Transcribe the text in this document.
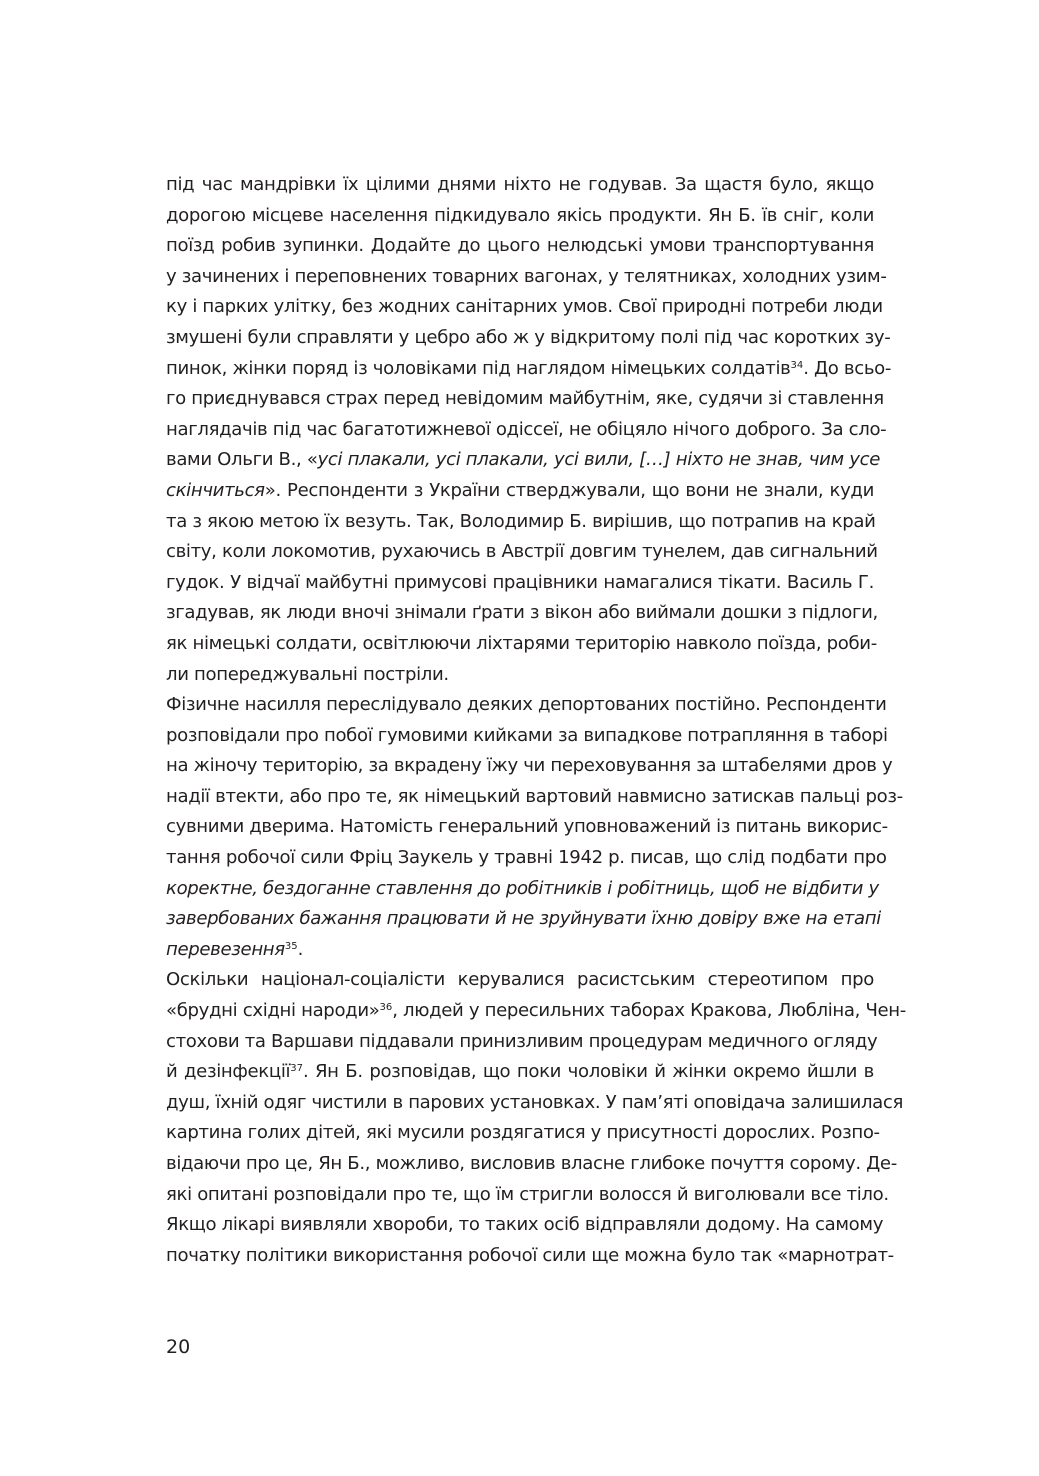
під час мандрівки їх цілими днями ніхто не годував. За щастя було, якщо
дорогою місцеве населення підкидувало якісь продукти. Ян Б. їв сніг, коли
поїзд робив зупинки. Додайте до цього нелюдські умови транспортування
у зачинених і переповнених товарних вагонах, у телятниках, холодних узим-
ку і парких улітку, без жодних санітарних умов. Свої природні потреби люди
змушені були справляти у цебро або ж у відкритому полі під час коротких зу-
пинок, жінки поряд із чоловіками під наглядом німецьких солдатів$^{34}$. До всьо-
го приєднувався страх перед невідомим майбутнім, яке, судячи зі ставлення
наглядачів під час багатотижневої одіссеї, не обіцяло нічого доброго. За сло-
вами Ольги В., «усі плакали, усі плакали, усі вили, […] ніхто не знав, чим усе
скінчиться». Респонденти з України стверджували, що вони не знали, куди
та з якою метою їх везуть. Так, Володимир Б. вирішив, що потрапив на край
світу, коли локомотив, рухаючись в Австрії довгим тунелем, дав сигнальний
гудок. У відчаї майбутні примусові працівники намагалися тікати. Василь Г.
згадував, як люди вночі знімали ґрати з вікон або виймали дошки з підлоги,
як німецькі солдати, освітлюючи ліхтарями територію навколо поїзда, роби-
ли попереджувальні постріли.
Фізичне насилля переслідувало деяких депортованих постійно. Респонденти
розповідали про побої гумовими кийками за випадкове потрапляння в таборі
на жіночу територію, за вкрадену їжу чи переховування за штабелями дров у
надії втекти, або про те, як німецький вартовий навмисно затискав пальці роз-
сувними дверима. Натомість генеральний уповноважений із питань викорис-
тання робочої сили Фріц Заукель у травні 1942 р. писав, що слід подбати про
коректне, бездоганне ставлення до робітників і робітниць, щоб не відбити у
завербованих бажання працювати й не зруйнувати їхню довіру вже на етапі
перевезення$^{35}$.
Оскільки націонал-соціалісти керувалися расистським стереотипом про
«брудні східні народи»$^{36}$, людей у пересильних таборах Кракова, Любліна, Чен-
стохови та Варшави піддавали принизливим процедурам медичного огляду
й дезінфекції$^{37}$. Ян Б. розповідав, що поки чоловіки й жінки окремо йшли в
душ, їхній одяг чистили в парових установках. У пам’яті оповідача залишилася
картина голих дітей, які мусили роздягатися у присутності дорослих. Розпо-
відаючи про це, Ян Б., можливо, висловив власне глибоке почуття сорому. Де-
які опитані розповідали про те, що їм стригли волосся й виголювали все тіло.
Якщо лікарі виявляли хвороби, то таких осіб відправляли додому. На самому
початку політики використання робочої сили ще можна було так «марнотрат-
20
